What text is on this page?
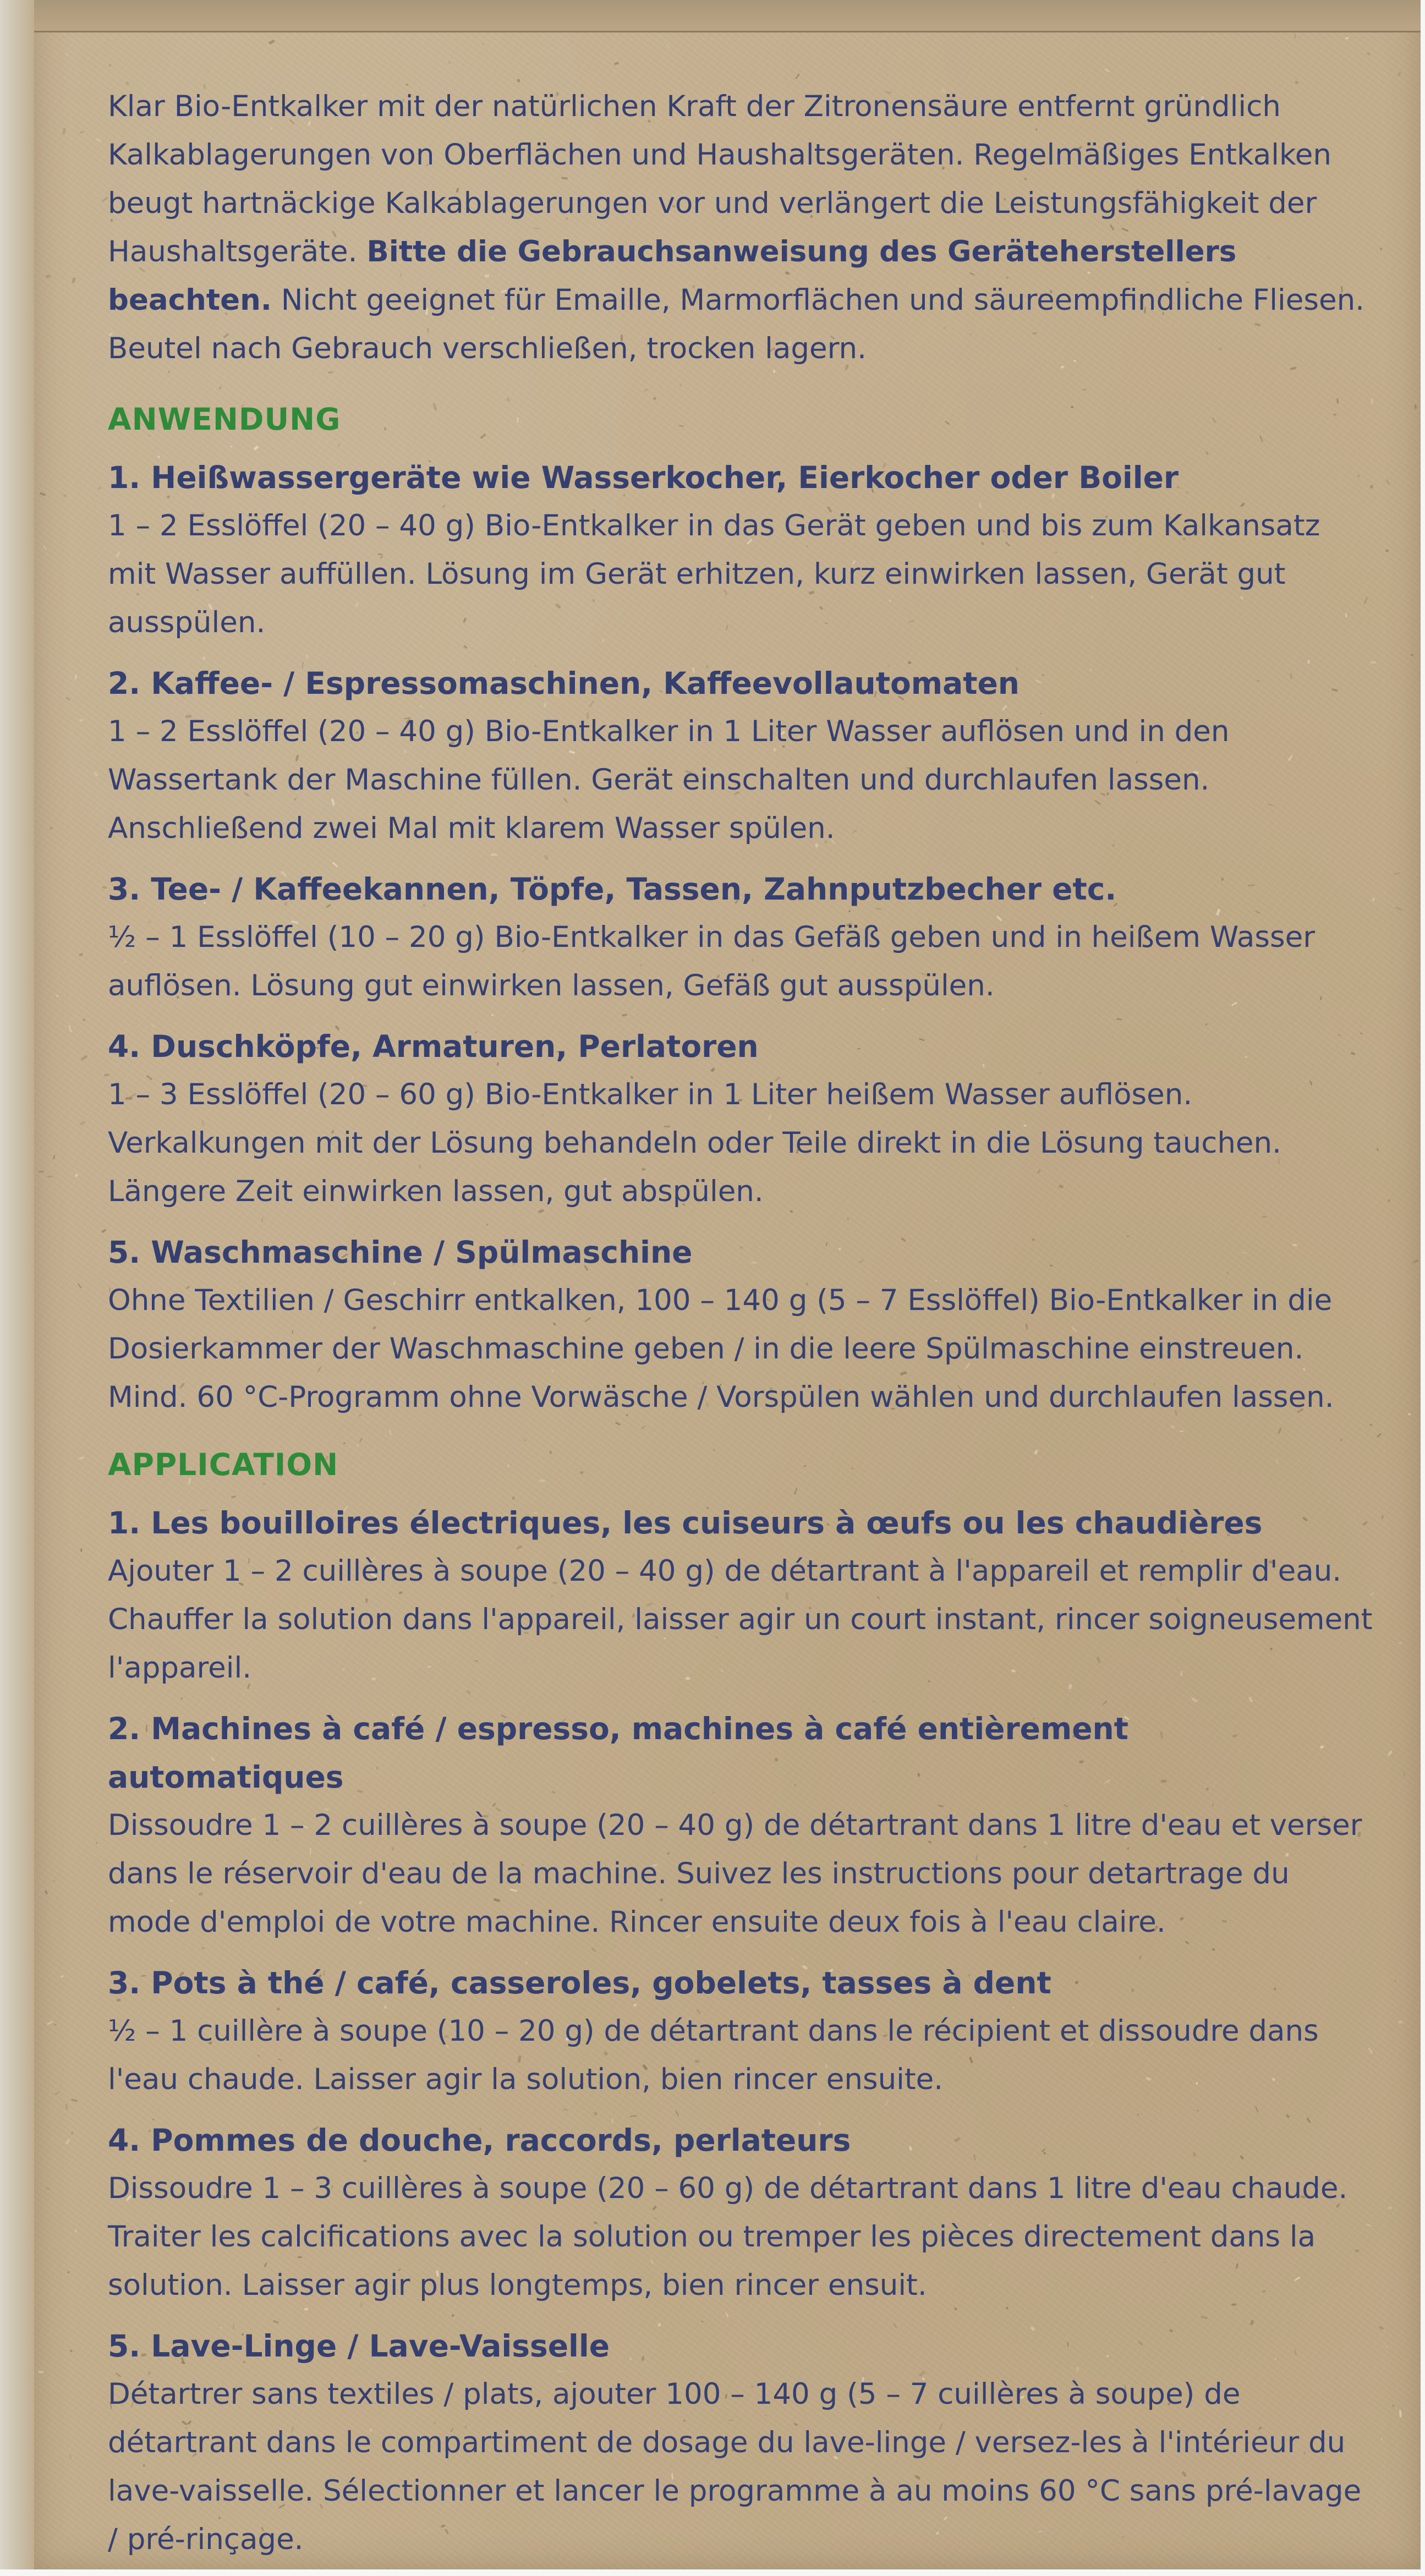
Klar Bio-Entkalker mit der natürlichen Kraft der Zitronensäure entfernt gründlich Kalkablagerungen von Oberflächen und Haushaltsgeräten. Regelmäßiges Entkalken beugt hartnäckige Kalkablagerungen vor und verlängert die Leistungsfähigkeit der Haushaltsgeräte. Bitte die Gebrauchsanweisung des Geräteherstellers beachten. Nicht geeignet für Emaille, Marmorflächen und säureempfindliche Fliesen. Beutel nach Gebrauch verschließen, trocken lagern.

ANWENDUNG
1. Heißwassergeräte wie Wasserkocher, Eierkocher oder Boiler
1 – 2 Esslöffel (20 – 40 g) Bio-Entkalker in das Gerät geben und bis zum Kalkansatz mit Wasser auffüllen. Lösung im Gerät erhitzen, kurz einwirken lassen, Gerät gut ausspülen.
2. Kaffee- / Espressomaschinen, Kaffeevollautomaten
1 – 2 Esslöffel (20 – 40 g) Bio-Entkalker in 1 Liter Wasser auflösen und in den Wassertank der Maschine füllen. Gerät einschalten und durchlaufen lassen. Anschließend zwei Mal mit klarem Wasser spülen.
3. Tee- / Kaffeekannen, Töpfe, Tassen, Zahnputzbecher etc.
½ – 1 Esslöffel (10 – 20 g) Bio-Entkalker in das Gefäß geben und in heißem Wasser auflösen. Lösung gut einwirken lassen, Gefäß gut ausspülen.
4. Duschköpfe, Armaturen, Perlatoren
1 – 3 Esslöffel (20 – 60 g) Bio-Entkalker in 1 Liter heißem Wasser auflösen. Verkalkungen mit der Lösung behandeln oder Teile direkt in die Lösung tauchen. Längere Zeit einwirken lassen, gut abspülen.
5. Waschmaschine / Spülmaschine
Ohne Textilien / Geschirr entkalken, 100 – 140 g (5 – 7 Esslöffel) Bio-Entkalker in die Dosierkammer der Waschmaschine geben / in die leere Spülmaschine einstreuen. Mind. 60 °C-Programm ohne Vorwäsche / Vorspülen wählen und durchlaufen lassen.
APPLICATION
1. Les bouilloires électriques, les cuiseurs à œufs ou les chaudières
Ajouter 1 – 2 cuillères à soupe (20 – 40 g) de détartrant à l'appareil et remplir d'eau. Chauffer la solution dans l'appareil, laisser agir un court instant, rincer soigneusement l'appareil.
2. Machines à café / espresso, machines à café entièrement automatiques
Dissoudre 1 – 2 cuillères à soupe (20 – 40 g) de détartrant dans 1 litre d'eau et verser dans le réservoir d'eau de la machine. Suivez les instructions pour detartrage du mode d'emploi de votre machine. Rincer ensuite deux fois à l'eau claire.
3. Pots à thé / café, casseroles, gobelets, tasses à dent
½ – 1 cuillère à soupe (10 – 20 g) de détartrant dans le récipient et dissoudre dans l'eau chaude. Laisser agir la solution, bien rincer ensuite.
4. Pommes de douche, raccords, perlateurs
Dissoudre 1 – 3 cuillères à soupe (20 – 60 g) de détartrant dans 1 litre d'eau chaude. Traiter les calcifications avec la solution ou tremper les pièces directement dans la solution. Laisser agir plus longtemps, bien rincer ensuit.
5. Lave-Linge / Lave-Vaisselle
Détartrer sans textiles / plats, ajouter 100 – 140 g (5 – 7 cuillères à soupe) de détartrant dans le compartiment de dosage du lave-linge / versez-les à l'intérieur du lave-vaisselle. Sélectionner et lancer le programme à au moins 60 °C sans pré-lavage / pré-rinçage.
